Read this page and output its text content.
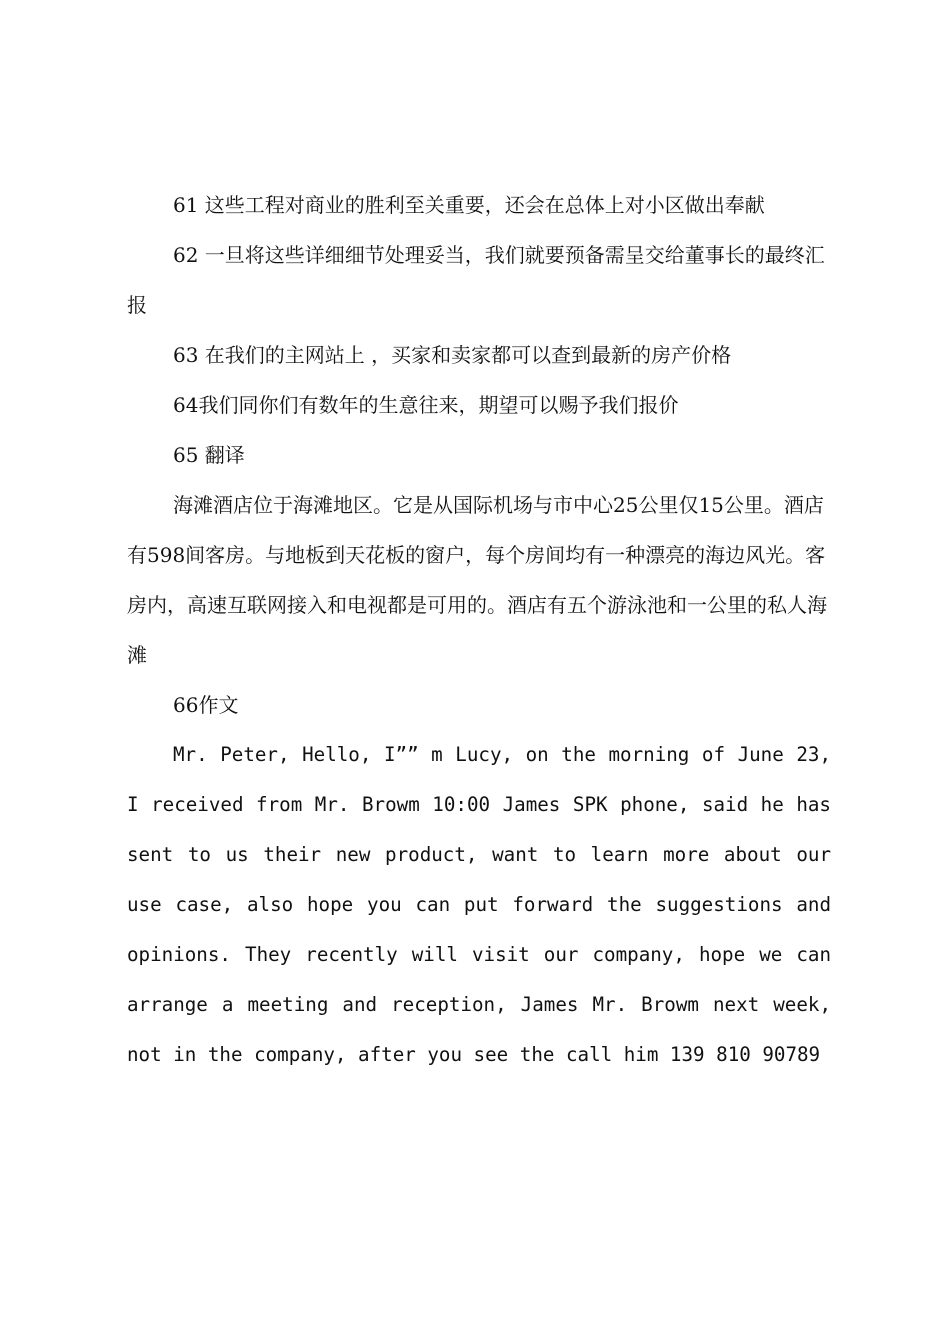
61 这些工程对商业的胜利至关重要，还会在总体上对小区做出奉献
62 一旦将这些详细细节处理妥当，我们就要预备需呈交给董事长的最终汇报
63 在我们的主网站上 ，买家和卖家都可以查到最新的房产价格
64我们同你们有数年的生意往来，期望可以赐予我们报价
65 翻译
海滩酒店位于海滩地区。它是从国际机场与市中心25公里仅15公里。酒店有598间客房。与地板到天花板的窗户，每个房间均有一种漂亮的海边风光。客房内，高速互联网接入和电视都是可用的。酒店有五个游泳池和一公里的私人海滩
66作文
Mr. Peter, Hello, I”” m Lucy, on the morning of June 23, I received from Mr. Browm 10:00 James SPK phone, said he has sent to us their new product, want to learn more about our use case, also hope you can put forward the suggestions and opinions. They recently will visit our company, hope we can arrange a meeting and reception, James Mr. Browm next week, not in the company, after you see the call him 139 810 90789
